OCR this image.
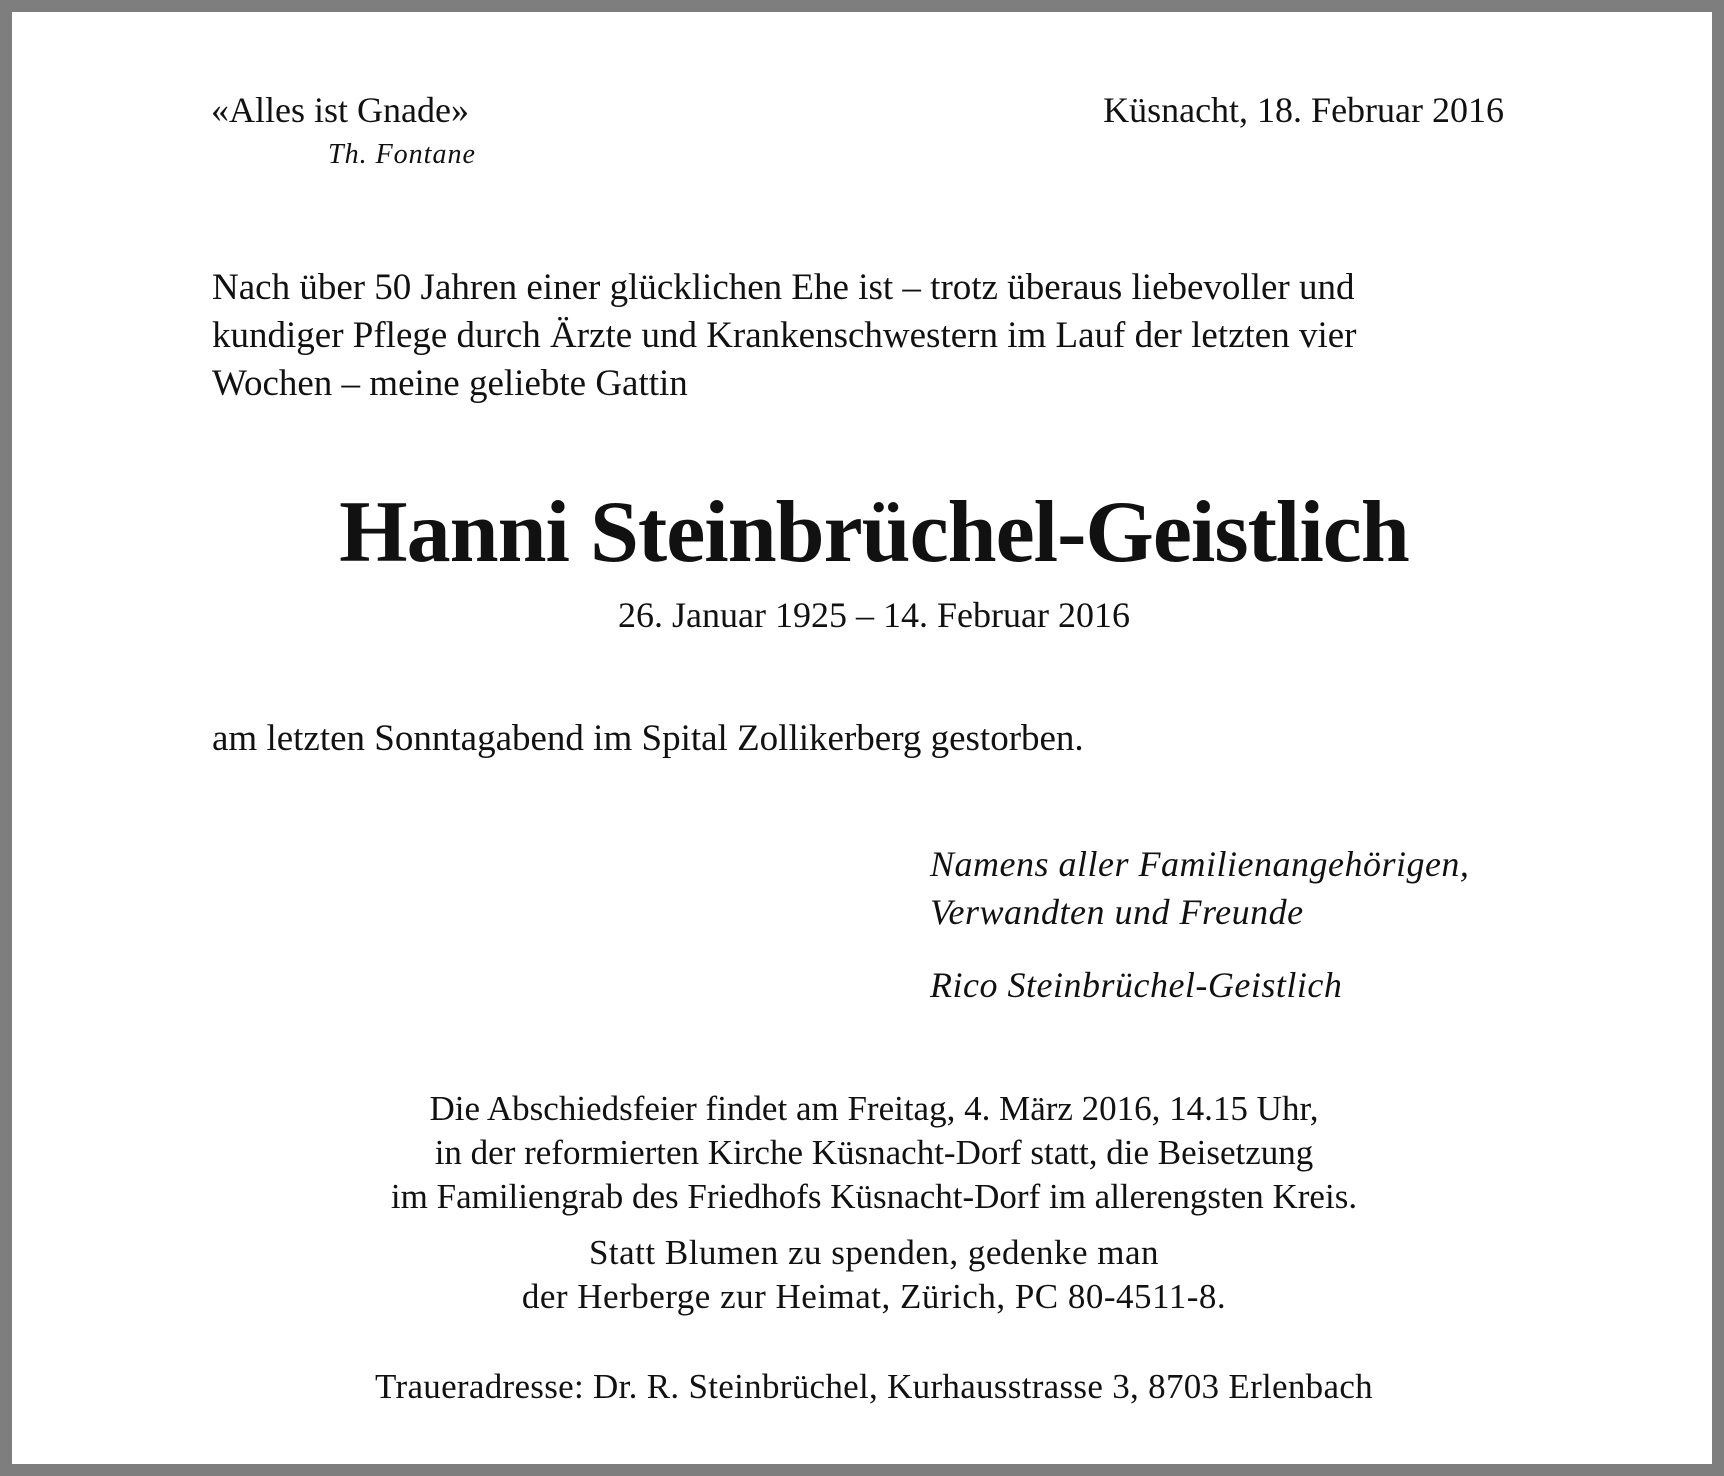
«Alles ist Gnade»
Th. Fontane
Küsnacht, 18. Februar 2016
Nach über 50 Jahren einer glücklichen Ehe ist – trotz überaus liebevoller und
kundiger Pflege durch Ärzte und Krankenschwestern im Lauf der letzten vier
Wochen – meine geliebte Gattin
Hanni Steinbrüchel-Geistlich
26. Januar 1925 – 14. Februar 2016
am letzten Sonntagabend im Spital Zollikerberg gestorben.
Namens aller Familienangehörigen,
Verwandten und Freunde
Rico Steinbrüchel-Geistlich
Die Abschiedsfeier findet am Freitag, 4. März 2016, 14.15 Uhr,
in der reformierten Kirche Küsnacht-Dorf statt, die Beisetzung
im Familiengrab des Friedhofs Küsnacht-Dorf im allerengsten Kreis.
Statt Blumen zu spenden, gedenke man
der Herberge zur Heimat, Zürich, PC 80-4511-8.
Traueradresse: Dr. R. Steinbrüchel, Kurhausstrasse 3, 8703 Erlenbach
